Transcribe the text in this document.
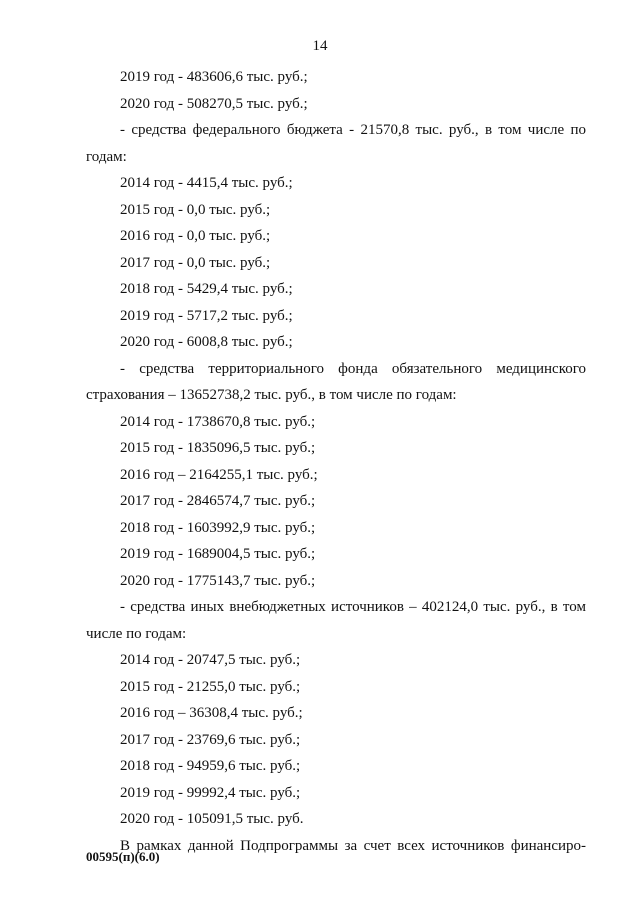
14
2019 год - 483606,6 тыс. руб.;
2020 год - 508270,5 тыс. руб.;
- средства федерального бюджета - 21570,8 тыс. руб., в том числе по
годам:
2014 год - 4415,4 тыс. руб.;
2015 год - 0,0 тыс. руб.;
2016 год - 0,0 тыс. руб.;
2017 год - 0,0 тыс. руб.;
2018 год - 5429,4 тыс. руб.;
2019 год - 5717,2 тыс. руб.;
2020 год - 6008,8 тыс. руб.;
- средства территориального фонда обязательного медицинского
страхования – 13652738,2 тыс. руб., в том числе по годам:
2014 год - 1738670,8 тыс. руб.;
2015 год - 1835096,5 тыс. руб.;
2016 год – 2164255,1 тыс. руб.;
2017 год - 2846574,7 тыс. руб.;
2018 год - 1603992,9 тыс. руб.;
2019 год - 1689004,5 тыс. руб.;
2020 год - 1775143,7 тыс. руб.;
- средства иных внебюджетных источников – 402124,0 тыс. руб., в том
числе по годам:
2014 год - 20747,5 тыс. руб.;
2015 год - 21255,0 тыс. руб.;
2016 год – 36308,4 тыс. руб.;
2017 год - 23769,6 тыс. руб.;
2018 год - 94959,6 тыс. руб.;
2019 год - 99992,4 тыс. руб.;
2020 год - 105091,5 тыс. руб.
В рамках данной Подпрограммы за счет всех источников финансиро-
00595(п)(6.0)
